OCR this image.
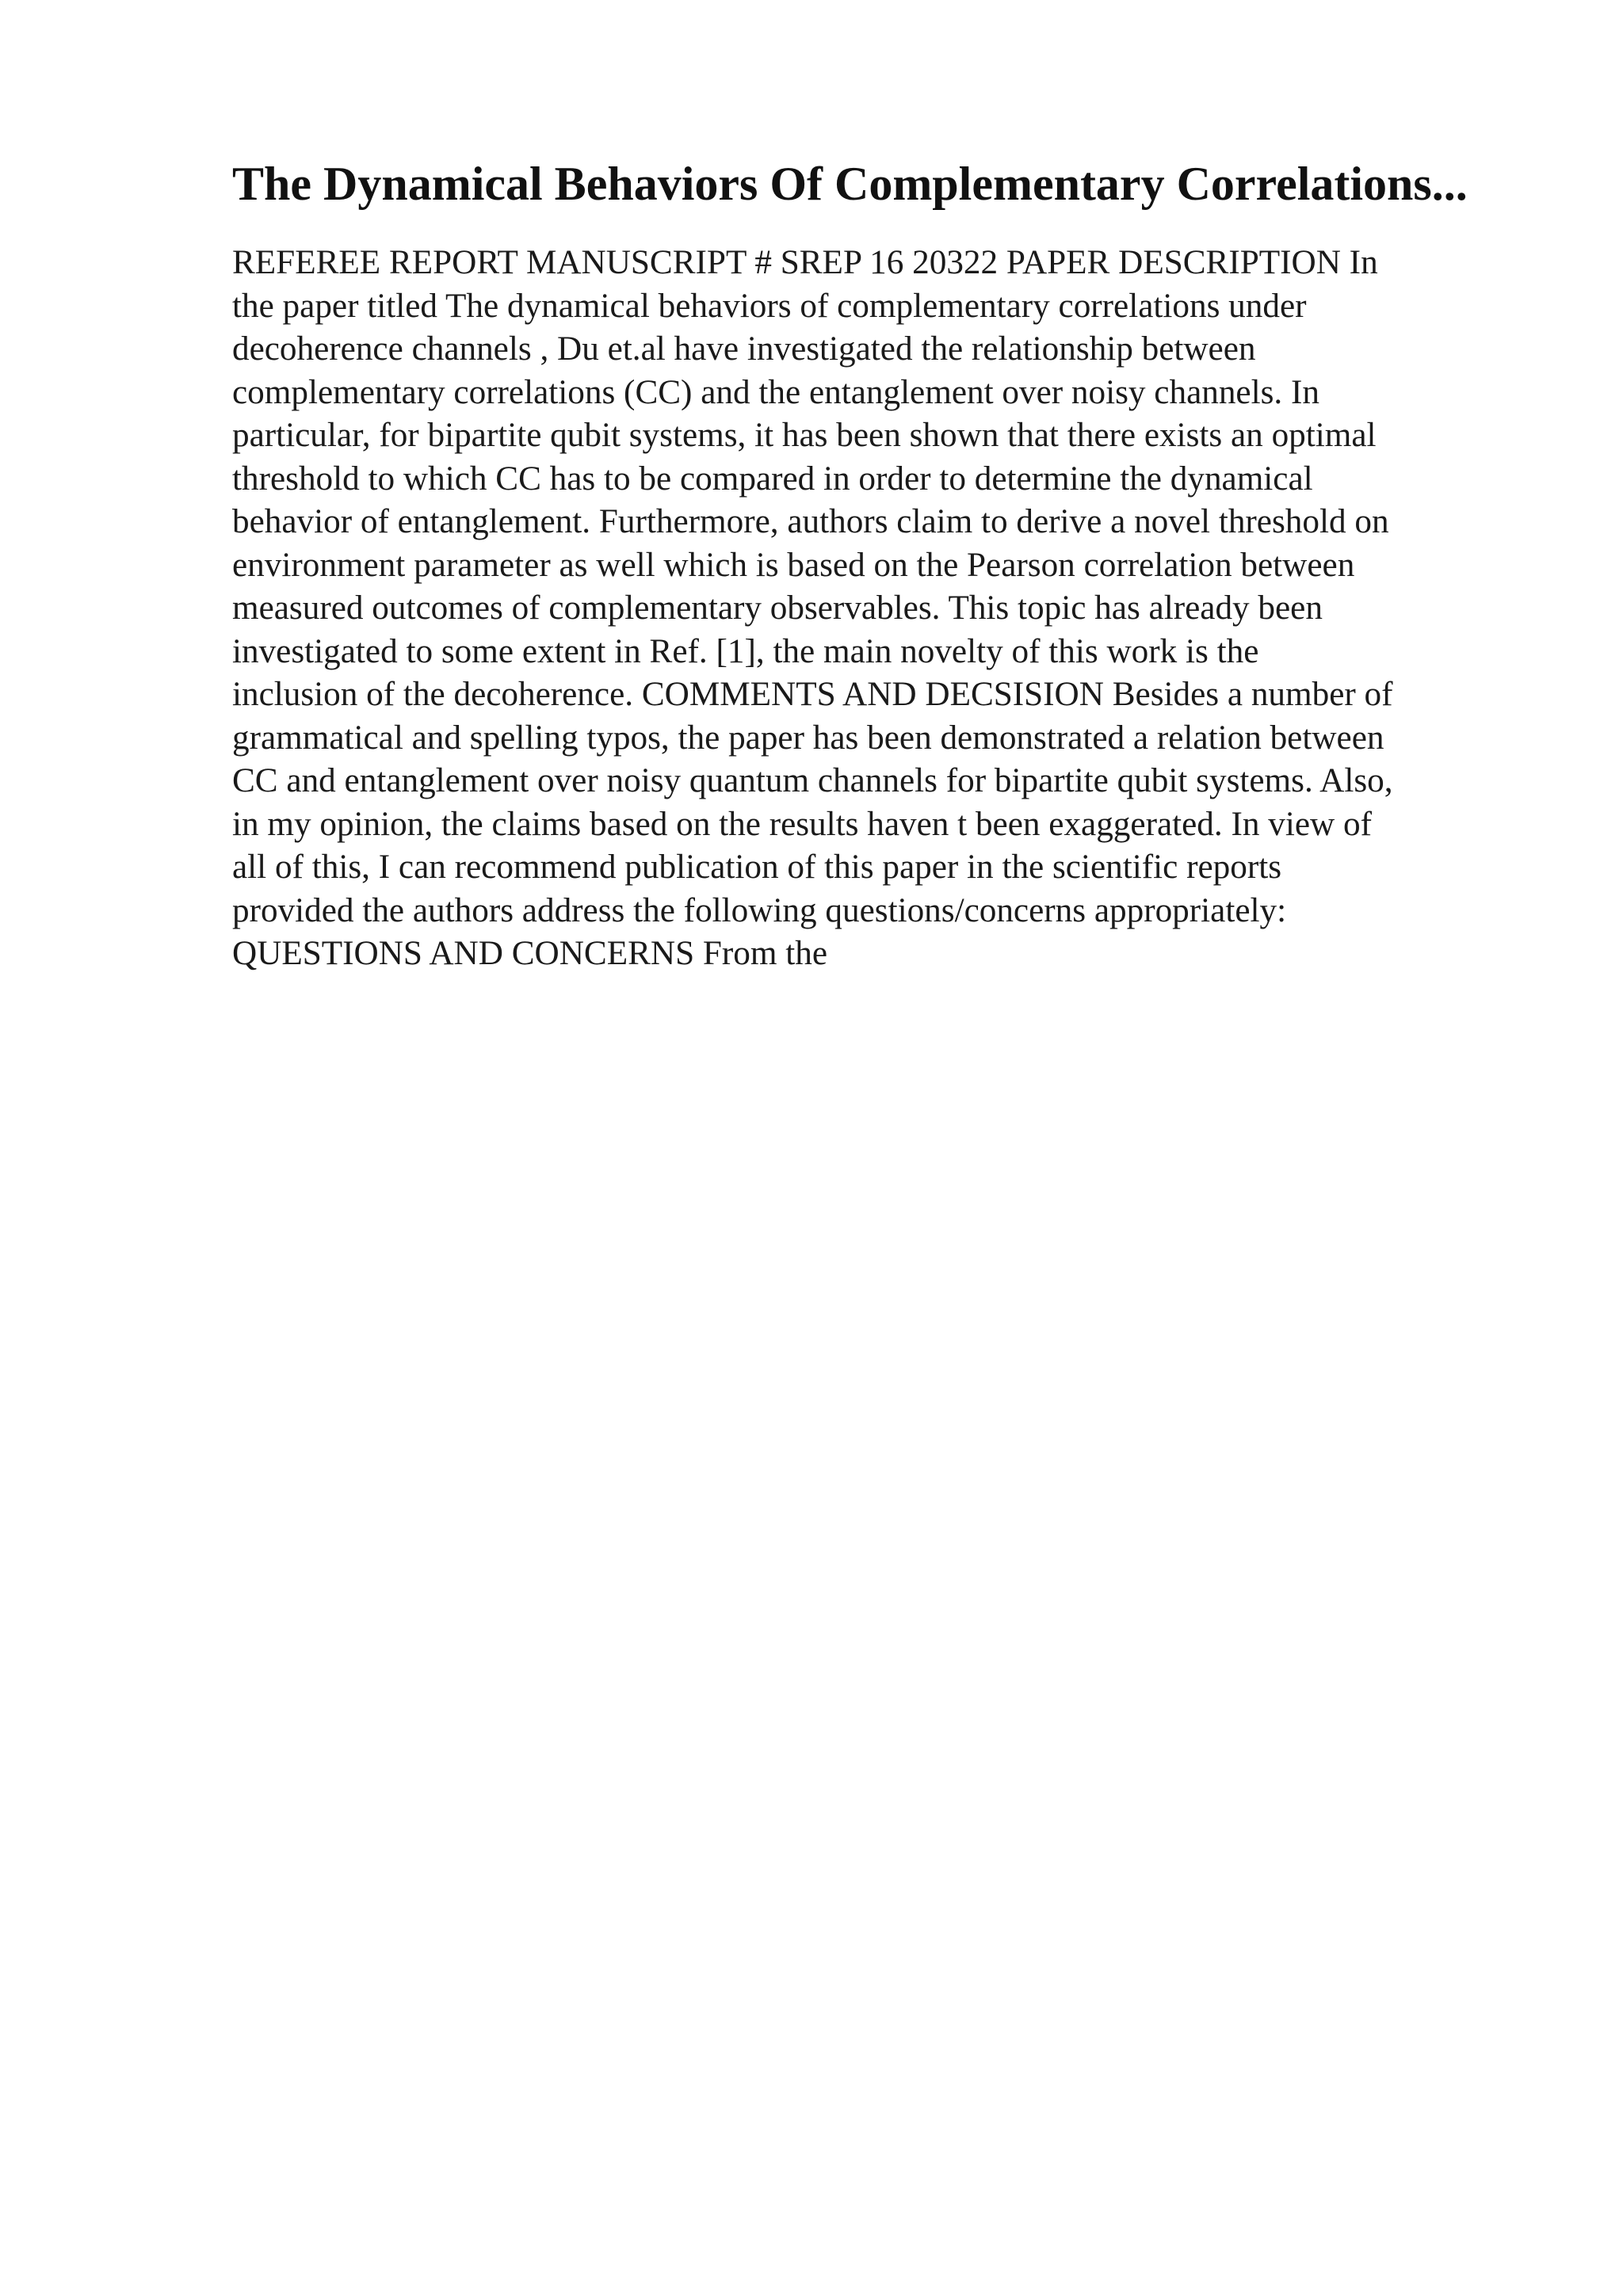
The Dynamical Behaviors Of Complementary Correlations...
REFEREE REPORT MANUSCRIPT # SREP 16 20322 PAPER DESCRIPTION In
the paper titled The dynamical behaviors of complementary correlations under
decoherence channels , Du et.al have investigated the relationship between
complementary correlations (CC) and the entanglement over noisy channels. In
particular, for bipartite qubit systems, it has been shown that there exists an optimal
threshold to which CC has to be compared in order to determine the dynamical
behavior of entanglement. Furthermore, authors claim to derive a novel threshold on
environment parameter as well which is based on the Pearson correlation between
measured outcomes of complementary observables. This topic has already been
investigated to some extent in Ref. [1], the main novelty of this work is the
inclusion of the decoherence. COMMENTS AND DECSISION Besides a number of
grammatical and spelling typos, the paper has been demonstrated a relation between
CC and entanglement over noisy quantum channels for bipartite qubit systems. Also,
in my opinion, the claims based on the results haven t been exaggerated. In view of
all of this, I can recommend publication of this paper in the scientific reports
provided the authors address the following questions/concerns appropriately:
QUESTIONS AND CONCERNS From the
